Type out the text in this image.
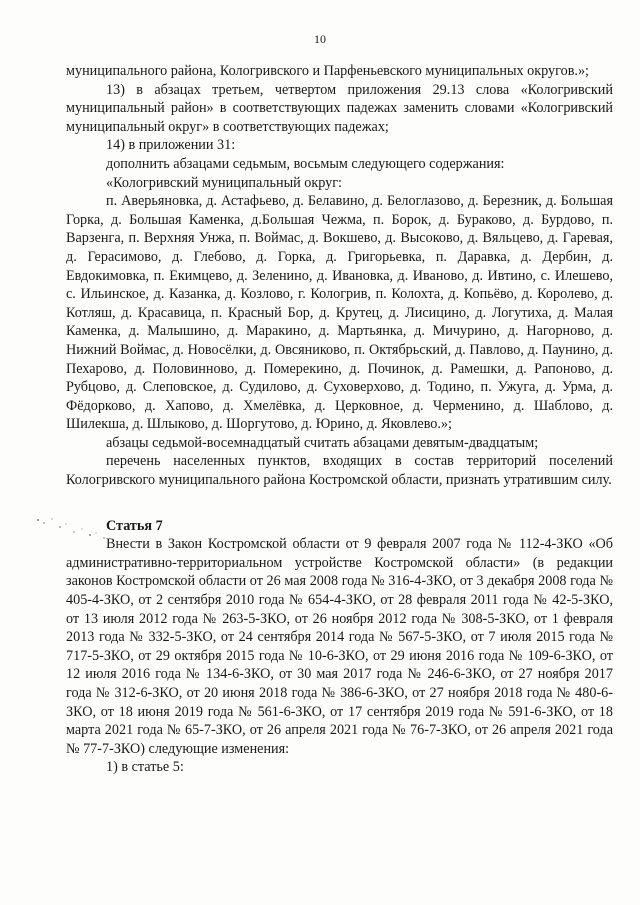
10

муниципального района, Кологривского и Парфеньевского муниципальных округов.»;

13) в абзацах третьем, четвертом приложения 29.13 слова «Кологривский муниципальный район» в соответствующих падежах заменить словами «Кологривский муниципальный округ» в соответствующих падежах;

14) в приложении 31:

дополнить абзацами седьмым, восьмым следующего содержания:

«Кологривский муниципальный округ:

п. Аверьяновка, д. Астафьево, д. Белавино, д. Белоглазово, д. Березник, д. Большая Горка, д. Большая Каменка, д.Большая Чежма, п. Борок, д. Бураково, д. Бурдово, п. Варзенга, п. Верхняя Унжа, п. Воймас, д. Вокшево, д. Высоково, д. Вяльцево, д. Гаревая, д. Герасимово, д. Глебово, д. Горка, д. Григорьевка, п. Даравка, д. Дербин, д. Евдокимовка, п. Екимцево, д. Зеленино, д. Ивановка, д. Иваново, д. Ивтино, с. Илешево, с. Ильинское, д. Казанка, д. Козлово, г. Кологрив, п. Колохта, д. Копьёво, д. Королево, д. Котляш, д. Красавица, п. Красный Бор, д. Крутец, д. Лисицино, д. Логутиха, д. Малая Каменка, д. Малышино, д. Маракино, д. Мартьянка, д. Мичурино, д. Нагорново, д. Нижний Воймас, д. Новосёлки, д. Овсяниково, п. Октябрьский, д. Павлово, д. Паунино, д. Пехарово, д. Половинново, д. Померекино, д. Починок, д. Рамешки, д. Рапоново, д. Рубцово, д. Слеповское, д. Судилово, д. Суховерхово, д. Тодино, п. Ужуга, д. Урма, д. Фёдорково, д. Хапово, д. Хмелёвка, д. Церковное, д. Черменино, д. Шаблово, д. Шилекша, д. Шлыково, д. Шоргутово, д. Юрино, д. Яковлево.»;

абзацы седьмой-восемнадцатый считать абзацами девятым-двадцатым;

перечень населенных пунктов, входящих в состав территорий поселений Кологривского муниципального района Костромской области, признать утратившим силу.

Статья 7

Внести в Закон Костромской области от 9 февраля 2007 года № 112-4-ЗКО «Об административно-территориальном устройстве Костромской области» (в редакции законов Костромской области от 26 мая 2008 года № 316-4-ЗКО, от 3 декабря 2008 года № 405-4-ЗКО, от 2 сентября 2010 года № 654-4-ЗКО, от 28 февраля 2011 года № 42-5-ЗКО, от 13 июля 2012 года № 263-5-ЗКО, от 26 ноября 2012 года № 308-5-ЗКО, от 1 февраля 2013 года № 332-5-ЗКО, от 24 сентября 2014 года № 567-5-ЗКО, от 7 июля 2015 года № 717-5-ЗКО, от 29 октября 2015 года № 10-6-ЗКО, от 29 июня 2016 года № 109-6-ЗКО, от 12 июля 2016 года № 134-6-ЗКО, от 30 мая 2017 года № 246-6-ЗКО, от 27 ноября 2017 года № 312-6-ЗКО, от 20 июня 2018 года № 386-6-ЗКО, от 27 ноября 2018 года № 480-6-ЗКО, от 18 июня 2019 года № 561-6-ЗКО, от 17 сентября 2019 года № 591-6-ЗКО, от 18 марта 2021 года № 65-7-ЗКО, от 26 апреля 2021 года № 76-7-ЗКО, от 26 апреля 2021 года № 77-7-ЗКО) следующие изменения:

1) в статье 5:
